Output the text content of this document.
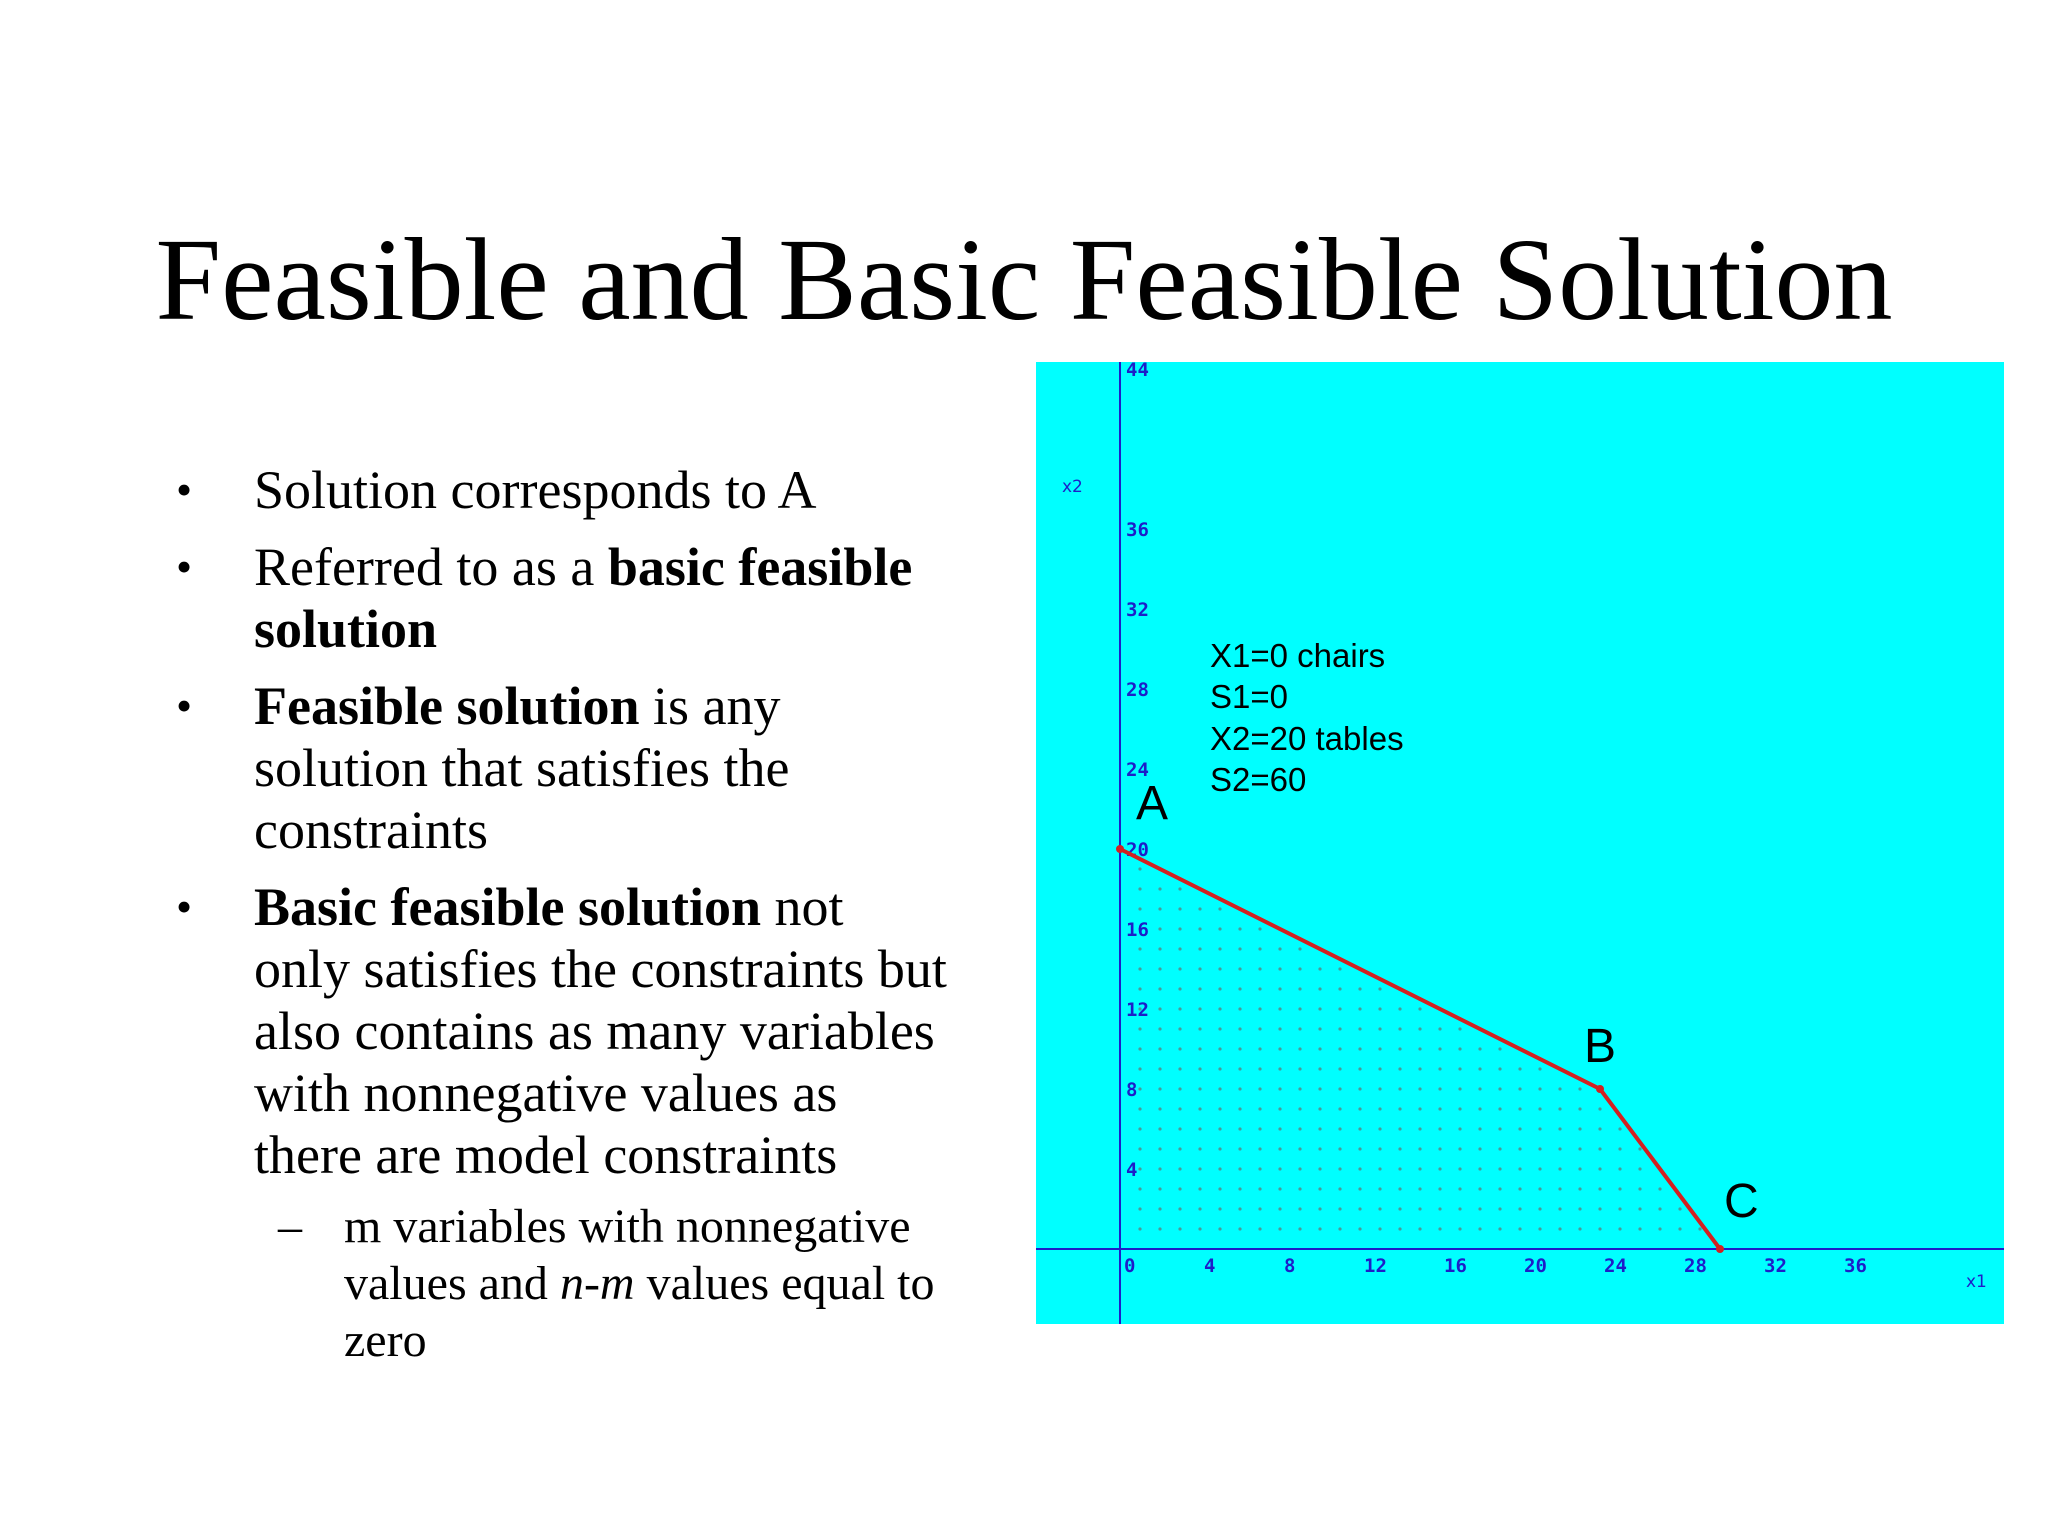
Feasible and Basic Feasible Solution
• Solution corresponds to A
• Referred to as a basic feasible
solution
• Feasible solution is any
solution that satisfies the
constraints
• Basic feasible solution not
only satisfies the constraints but
also contains as many variables
with nonnegative values as
there are model constraints
– m variables with nonnegative
values and n-m values equal to
zero
0	4	8	12	16	20	24	28	32	36
4
8
12
16
20
24
28
32
36
44
x1
x2
X1=0 chairs
S1=0
X2=20 tables
S2=60
A
B
C
